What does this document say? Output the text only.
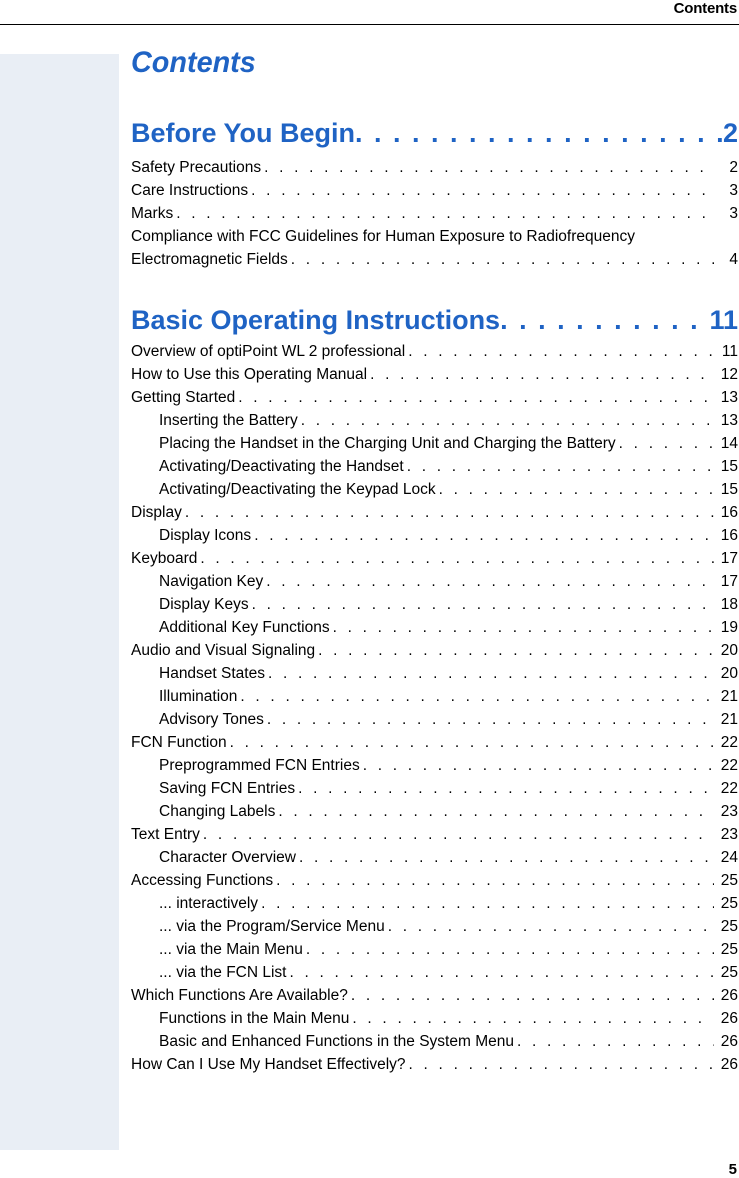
Contents
Contents
Before You Begin . . .	2
Safety Precautions . . .	2
Care Instructions . . .	3
Marks . . .	3
Compliance with FCC Guidelines for Human Exposure to Radiofrequency
Electromagnetic Fields . . .	4
Basic Operating Instructions . . .	11
Overview of optiPoint WL 2 professional . . .	11
How to Use this Operating Manual . . .	12
Getting Started . . .	13
Inserting the Battery . . .	13
Placing the Handset in the Charging Unit and Charging the Battery . . .	14
Activating/Deactivating the Handset . . .	15
Activating/Deactivating the Keypad Lock . . .	15
Display . . .	16
Display Icons . . .	16
Keyboard . . .	17
Navigation Key . . .	17
Display Keys . . .	18
Additional Key Functions . . .	19
Audio and Visual Signaling . . .	20
Handset States . . .	20
Illumination . . .	21
Advisory Tones . . .	21
FCN Function . . .	22
Preprogrammed FCN Entries . . .	22
Saving FCN Entries . . .	22
Changing Labels . . .	23
Text Entry . . .	23
Character Overview . . .	24
Accessing Functions . . .	25
... interactively . . .	25
... via the Program/Service Menu . . .	25
... via the Main Menu . . .	25
... via the FCN List . . .	25
Which Functions Are Available? . . .	26
Functions in the Main Menu . . .	26
Basic and Enhanced Functions in the System Menu . . .	26
How Can I Use My Handset Effectively? . . .	26
5
